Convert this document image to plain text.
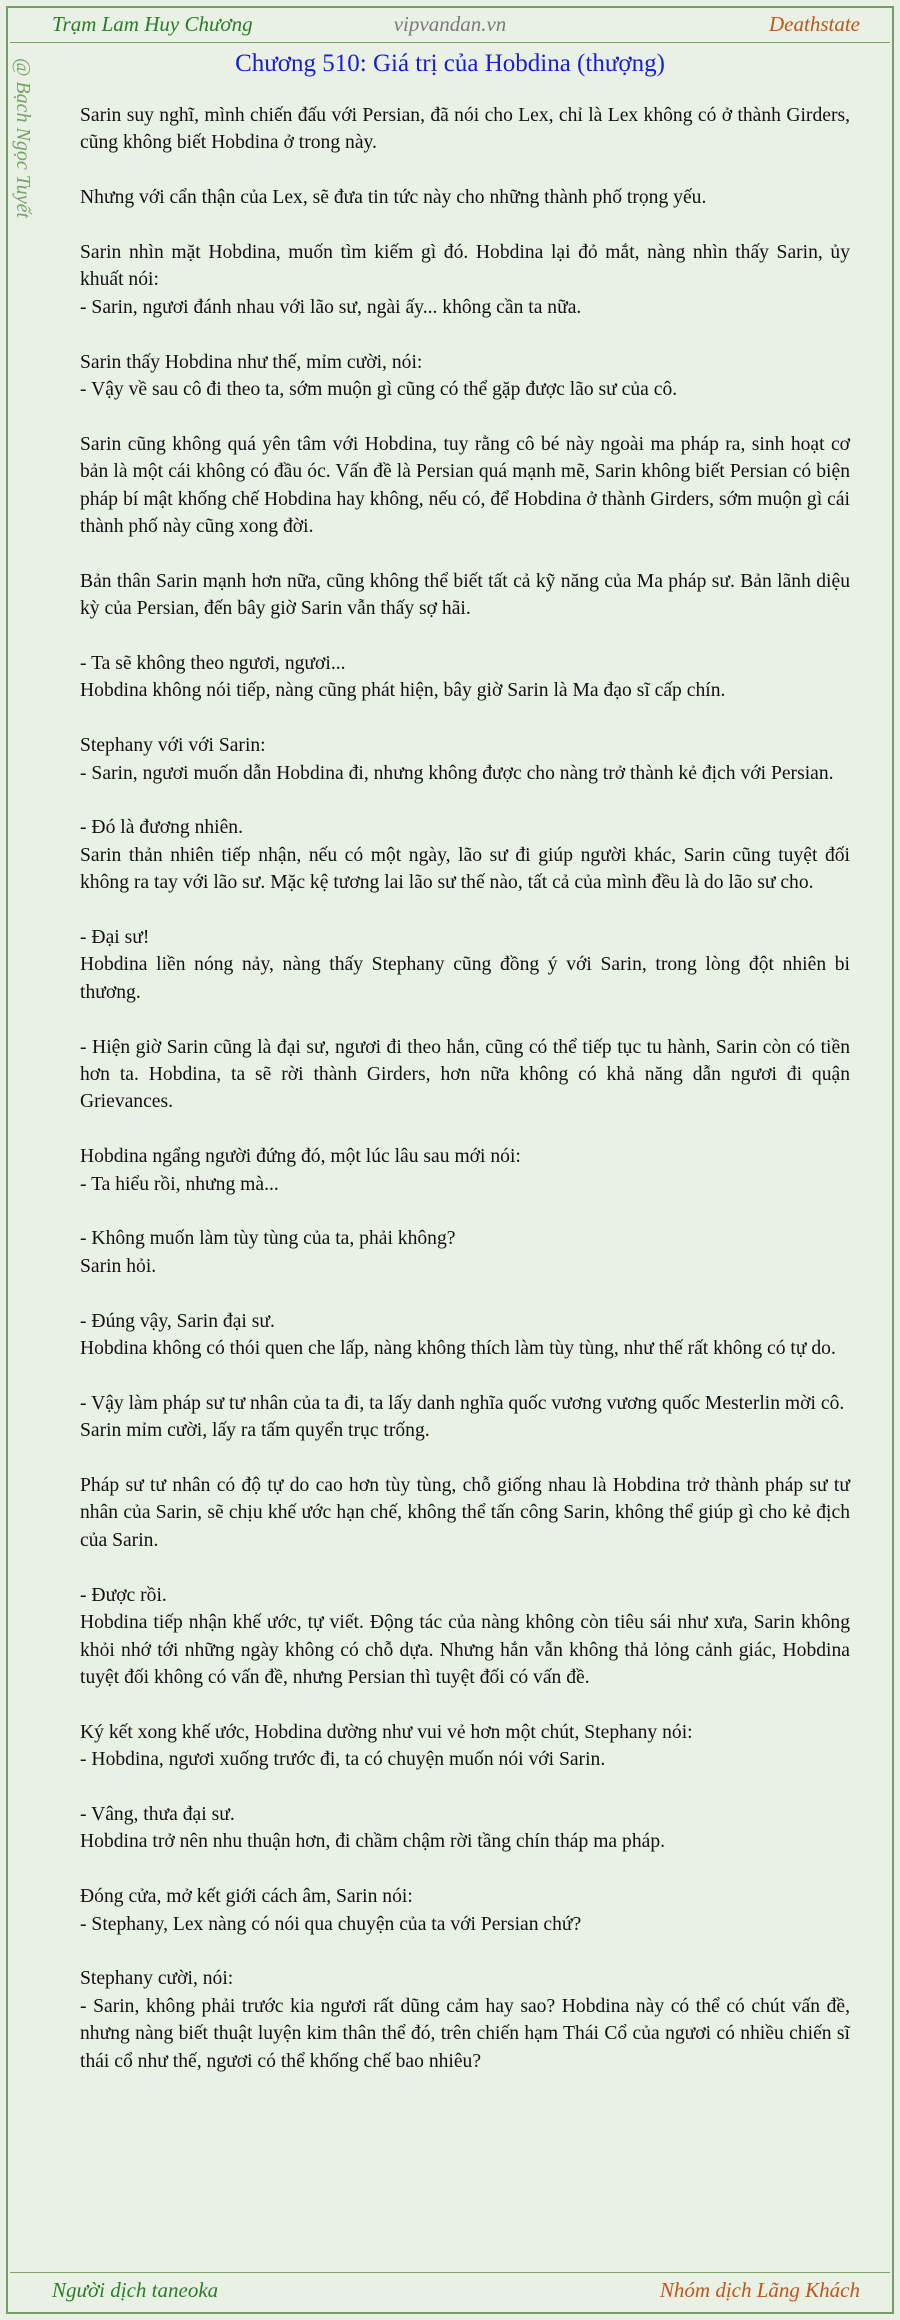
Trạm Lam Huy Chương	vipvandan.vn	Deathstate
@ Bạch Ngọc Tuyết	Chương 510: Giá trị của Hobdina (thượng)
Sarin suy nghĩ, mình chiến đấu với Persian, đã nói cho Lex, chỉ là Lex không có ở thành Girders, cũng không biết Hobdina ở trong này.
Nhưng với cẩn thận của Lex, sẽ đưa tin tức này cho những thành phố trọng yếu.
Sarin nhìn mặt Hobdina, muốn tìm kiếm gì đó. Hobdina lại đỏ mắt, nàng nhìn thấy Sarin, ủy khuất nói:
- Sarin, ngươi đánh nhau với lão sư, ngài ấy... không cần ta nữa.
Sarin thấy Hobdina như thế, mỉm cười, nói:
- Vậy về sau cô đi theo ta, sớm muộn gì cũng có thể gặp được lão sư của cô.
Sarin cũng không quá yên tâm với Hobdina, tuy rằng cô bé này ngoài ma pháp ra, sinh hoạt cơ bản là một cái không có đầu óc. Vấn đề là Persian quá mạnh mẽ, Sarin không biết Persian có biện pháp bí mật khống chế Hobdina hay không, nếu có, để Hobdina ở thành Girders, sớm muộn gì cái thành phố này cũng xong đời.
Bản thân Sarin mạnh hơn nữa, cũng không thể biết tất cả kỹ năng của Ma pháp sư. Bản lãnh diệu kỳ của Persian, đến bây giờ Sarin vẫn thấy sợ hãi.
- Ta sẽ không theo ngươi, ngươi...
Hobdina không nói tiếp, nàng cũng phát hiện, bây giờ Sarin là Ma đạo sĩ cấp chín.
Stephany với với Sarin:
- Sarin, ngươi muốn dẫn Hobdina đi, nhưng không được cho nàng trở thành kẻ địch với Persian.
- Đó là đương nhiên.
Sarin thản nhiên tiếp nhận, nếu có một ngày, lão sư đi giúp người khác, Sarin cũng tuyệt đối không ra tay với lão sư. Mặc kệ tương lai lão sư thế nào, tất cả của mình đều là do lão sư cho.
- Đại sư!
Hobdina liền nóng nảy, nàng thấy Stephany cũng đồng ý với Sarin, trong lòng đột nhiên bi thương.
- Hiện giờ Sarin cũng là đại sư, ngươi đi theo hắn, cũng có thể tiếp tục tu hành, Sarin còn có tiền hơn ta. Hobdina, ta sẽ rời thành Girders, hơn nữa không có khả năng dẫn ngươi đi quận Grievances.
Hobdina ngẩng người đứng đó, một lúc lâu sau mới nói:
- Ta hiểu rồi, nhưng mà...
- Không muốn làm tùy tùng của ta, phải không?
Sarin hỏi.
- Đúng vậy, Sarin đại sư.
Hobdina không có thói quen che lấp, nàng không thích làm tùy tùng, như thế rất không có tự do.
- Vậy làm pháp sư tư nhân của ta đi, ta lấy danh nghĩa quốc vương vương quốc Mesterlin mời cô.
Sarin mỉm cười, lấy ra tấm quyển trục trống.
Pháp sư tư nhân có độ tự do cao hơn tùy tùng, chỗ giống nhau là Hobdina trở thành pháp sư tư nhân của Sarin, sẽ chịu khế ước hạn chế, không thể tấn công Sarin, không thể giúp gì cho kẻ địch của Sarin.
- Được rồi.
Hobdina tiếp nhận khế ước, tự viết. Động tác của nàng không còn tiêu sái như xưa, Sarin không khỏi nhớ tới những ngày không có chỗ dựa. Nhưng hắn vẫn không thả lỏng cảnh giác, Hobdina tuyệt đối không có vấn đề, nhưng Persian thì tuyệt đối có vấn đề.
Ký kết xong khế ước, Hobdina dường như vui vẻ hơn một chút, Stephany nói:
- Hobdina, ngươi xuống trước đi, ta có chuyện muốn nói với Sarin.
- Vâng, thưa đại sư.
Hobdina trở nên nhu thuận hơn, đi chầm chậm rời tầng chín tháp ma pháp.
Đóng cửa, mở kết giới cách âm, Sarin nói:
- Stephany, Lex nàng có nói qua chuyện của ta với Persian chứ?
Stephany cười, nói:
- Sarin, không phải trước kia ngươi rất dũng cảm hay sao? Hobdina này có thể có chút vấn đề, nhưng nàng biết thuật luyện kim thân thể đó, trên chiến hạm Thái Cổ của ngươi có nhiều chiến sĩ thái cổ như thế, ngươi có thể khống chế bao nhiêu?
Người dịch taneoka	Nhóm dịch Lãng Khách
